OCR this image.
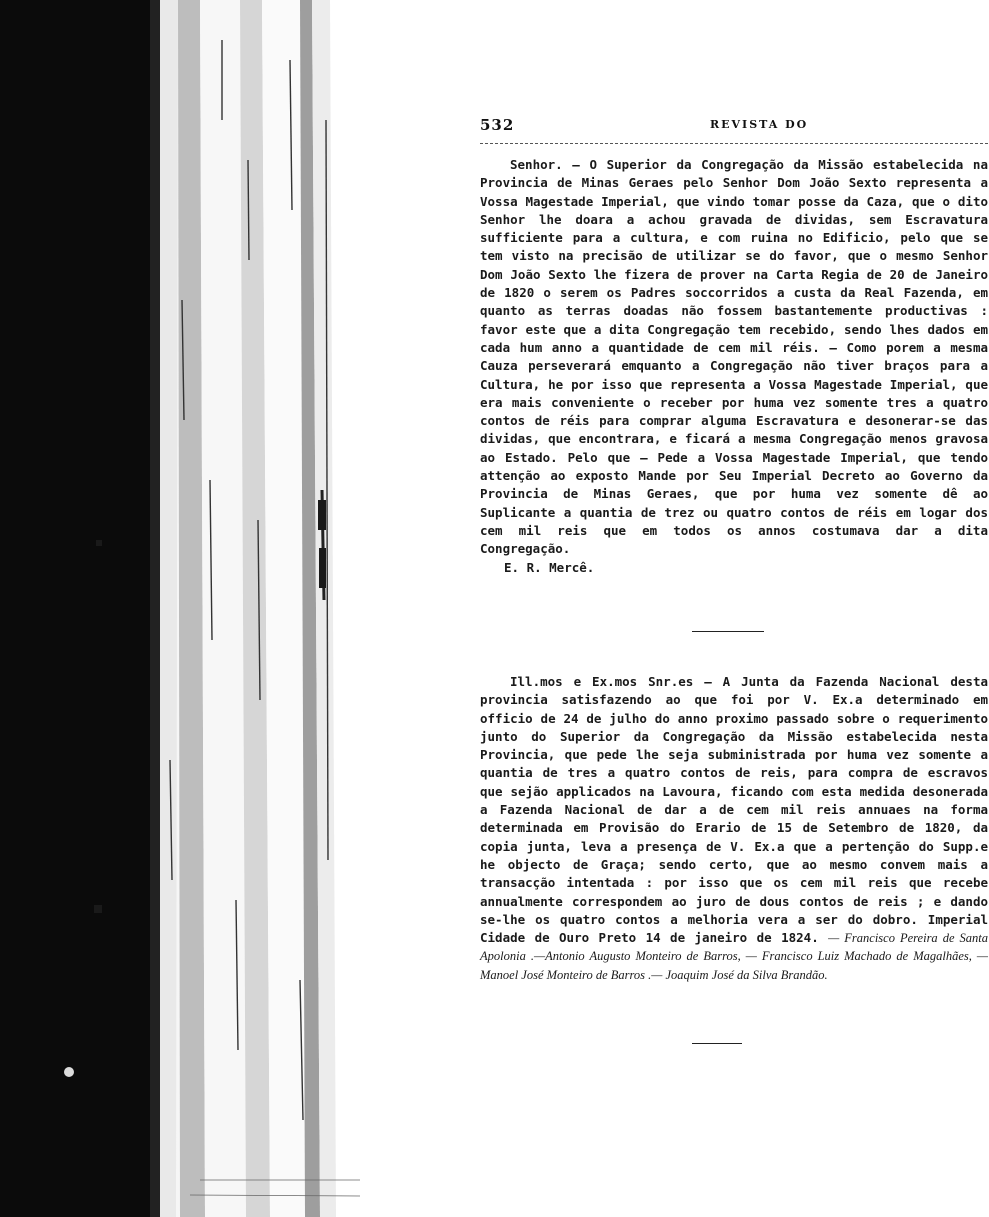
532	REVISTA DO

Senhor. — O Superior da Congregação da Missão estabelecida na Provincia de Minas Geraes pelo Senhor Dom João Sexto representa a Vossa Magestade Imperial, que vindo tomar posse da Caza, que o dito Senhor lhe doara a achou gravada de dividas, sem Escravatura sufficiente para a cultura, e com ruina no Edificio, pelo que se tem visto na precisão de utilizar se do favor, que o mesmo Senhor Dom João Sexto lhe fizera de prover na Carta Regia de 20 de Janeiro de 1820 o serem os Padres soccorridos a custa da Real Fazenda, em quanto as terras doadas não fossem bastantemente productivas : favor este que a dita Congregação tem recebido, sendo lhes dados em cada hum anno a quantidade de cem mil réis. — Como porem a mesma Cauza perseverará emquanto a Congregação não tiver braços para a Cultura, he por isso que representa a Vossa Magestade Imperial, que era mais conveniente o receber por huma vez somente tres a quatro contos de réis para comprar alguma Escravatura e desonerar-se das dividas, que encontrara, e ficará a mesma Congregação menos gravosa ao Estado. Pelo que — Pede a Vossa Magestade Imperial, que tendo attenção ao exposto Mande por Seu Imperial Decreto ao Governo da Provincia de Minas Geraes, que por huma vez somente dê ao Suplicante a quantia de trez ou quatro contos de réis em logar dos cem mil reis que em todos os annos costumava dar a dita Congregação.

E. R. Mercê.

Ill.mos e Ex.mos Snr.es — A Junta da Fazenda Nacional desta provincia satisfazendo ao que foi por V. Ex.a determinado em officio de 24 de julho do anno proximo passado sobre o requerimento junto do Superior da Congregação da Missão estabelecida nesta Provincia, que pede lhe seja subministrada por huma vez somente a quantia de tres a quatro contos de reis, para compra de escravos que sejão applicados na Lavoura, ficando com esta medida desonerada a Fazenda Nacional de dar a de cem mil reis annuaes na forma determinada em Provisão do Erario de 15 de Setembro de 1820, da copia junta, leva a presença de V. Ex.a que a pertenção do Supp.e he objecto de Graça; sendo certo, que ao mesmo convem mais a transacção intentada : por isso que os cem mil reis que recebe annualmente correspondem ao juro de dous contos de reis ; e dando se-lhe os quatro contos a melhoria vera a ser do dobro. Imperial Cidade de Ouro Preto 14 de janeiro de 1824. — Francisco Pereira de Santa Apolonia .—Antonio Augusto Monteiro de Barros, — Francisco Luiz Machado de Magalhães, — Manoel José Monteiro de Barros .— Joaquim José da Silva Brandão.
